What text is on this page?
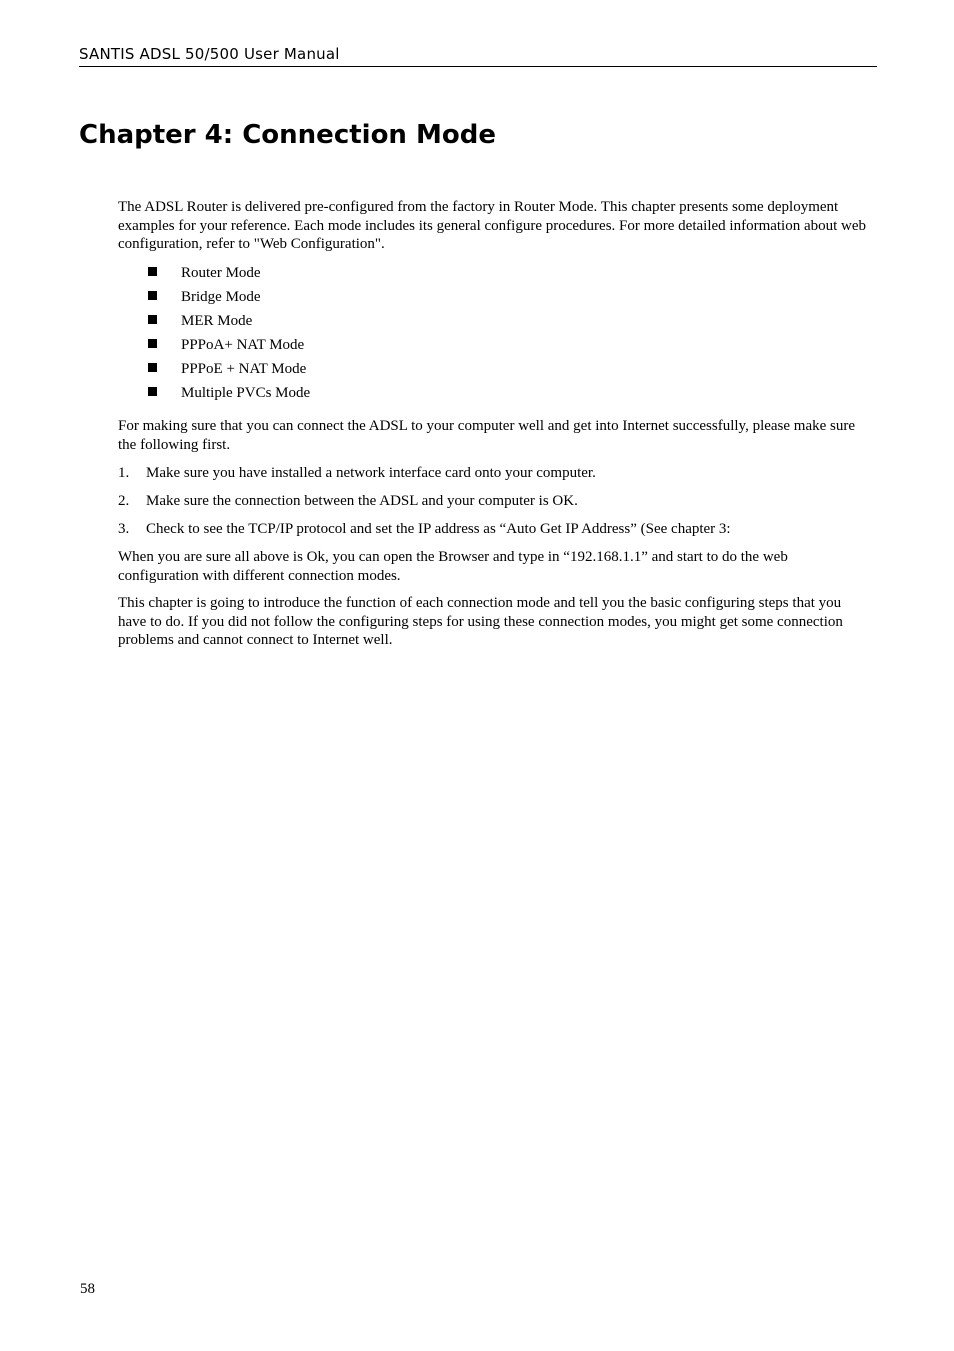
SANTIS ADSL 50/500 User Manual
Chapter 4: Connection Mode

The ADSL Router is delivered pre-configured from the factory in Router Mode. This chapter presents some deployment examples for your reference. Each mode includes its general configure procedures. For more detailed information about web configuration, refer to "Web Configuration".

Router Mode
Bridge Mode
MER Mode
PPPoA+ NAT Mode
PPPoE + NAT Mode
Multiple PVCs Mode

For making sure that you can connect the ADSL to your computer well and get into Internet successfully, please make sure the following first.

1. Make sure you have installed a network interface card onto your computer.
2. Make sure the connection between the ADSL and your computer is OK.
3. Check to see the TCP/IP protocol and set the IP address as “Auto Get IP Address” (See chapter 3:

When you are sure all above is Ok, you can open the Browser and type in “192.168.1.1” and start to do the web configuration with different connection modes.

This chapter is going to introduce the function of each connection mode and tell you the basic configuring steps that you have to do. If you did not follow the configuring steps for using these connection modes, you might get some connection problems and cannot connect to Internet well.

58
